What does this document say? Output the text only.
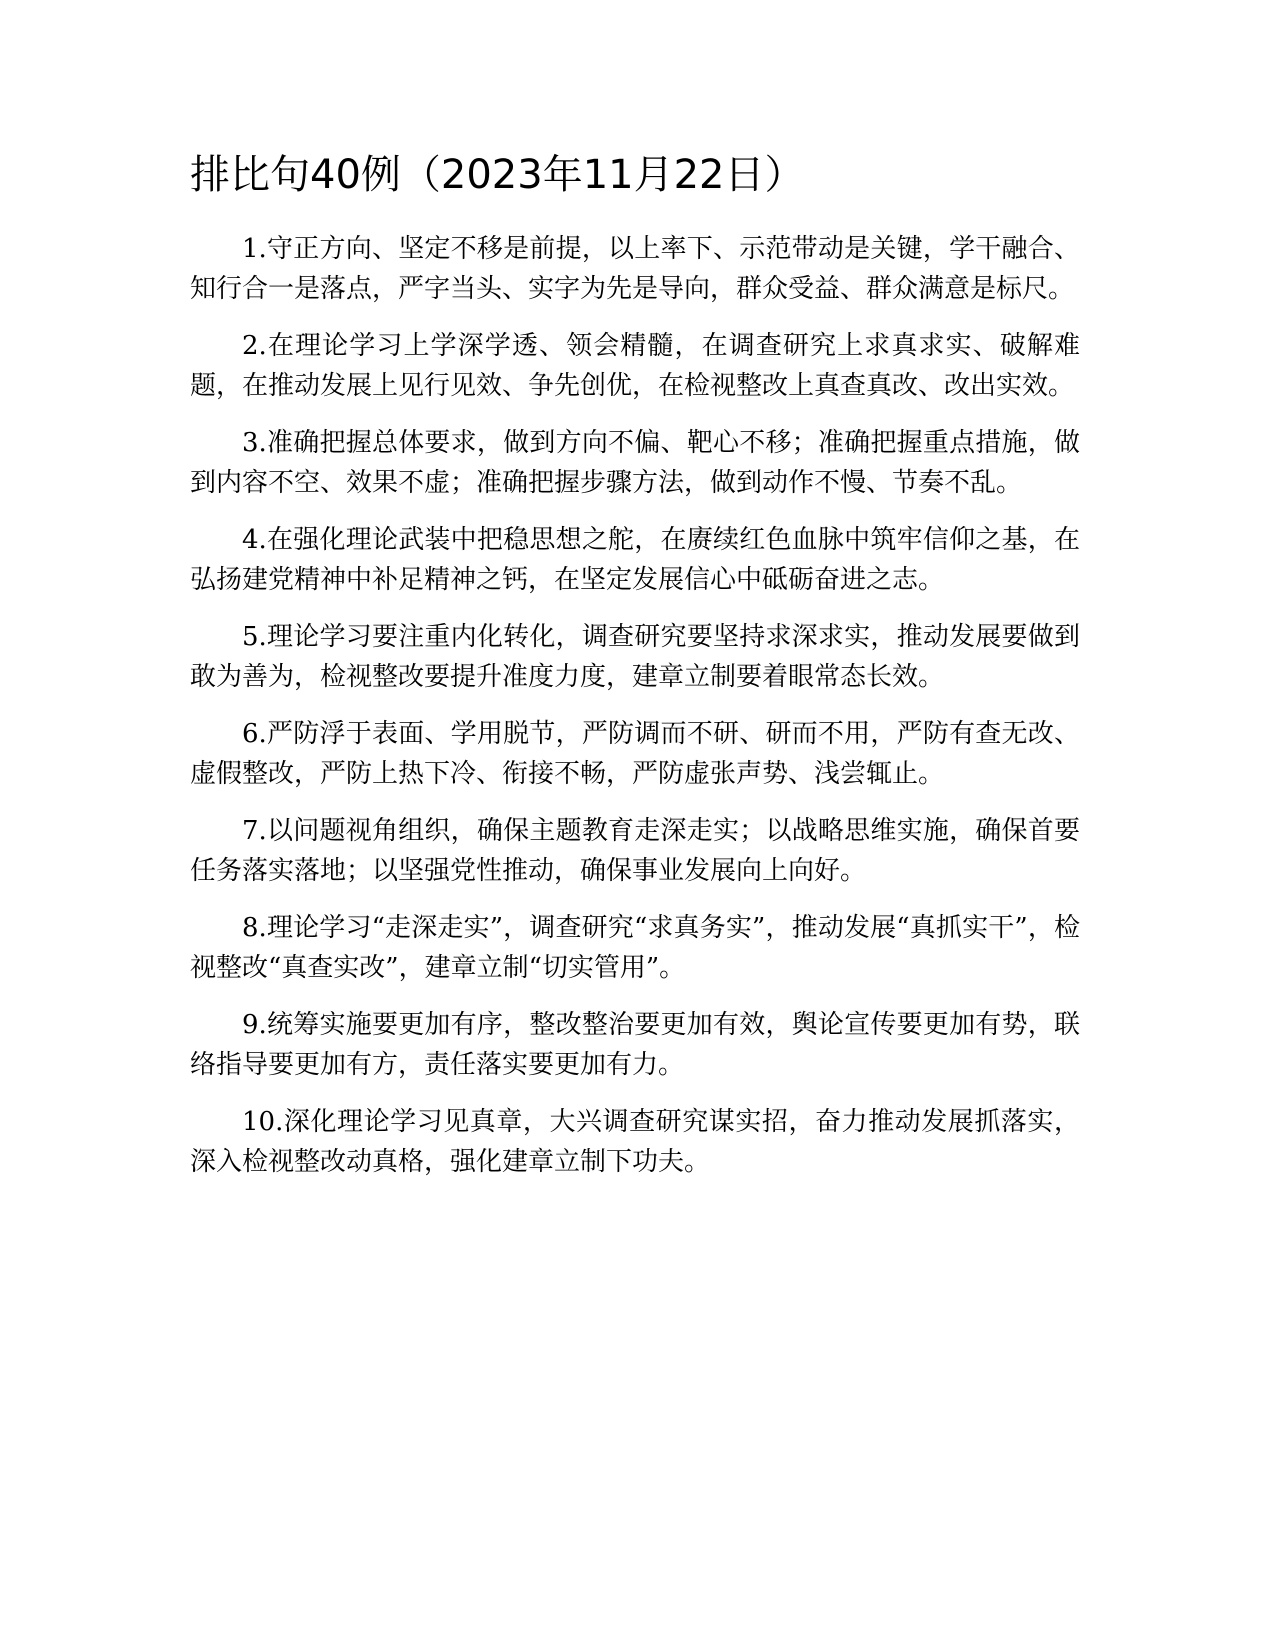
排比句40例（2023年11月22日）

1.守正方向、坚定不移是前提，以上率下、示范带动是关键，学干融合、知行合一是落点，严字当头、实字为先是导向，群众受益、群众满意是标尺。

2.在理论学习上学深学透、领会精髓，在调查研究上求真求实、破解难题，在推动发展上见行见效、争先创优，在检视整改上真查真改、改出实效。

3.准确把握总体要求，做到方向不偏、靶心不移；准确把握重点措施，做到内容不空、效果不虚；准确把握步骤方法，做到动作不慢、节奏不乱。

4.在强化理论武装中把稳思想之舵，在赓续红色血脉中筑牢信仰之基，在弘扬建党精神中补足精神之钙，在坚定发展信心中砥砺奋进之志。

5.理论学习要注重内化转化，调查研究要坚持求深求实，推动发展要做到敢为善为，检视整改要提升准度力度，建章立制要着眼常态长效。

6.严防浮于表面、学用脱节，严防调而不研、研而不用，严防有查无改、虚假整改，严防上热下冷、衔接不畅，严防虚张声势、浅尝辄止。

7.以问题视角组织，确保主题教育走深走实；以战略思维实施，确保首要任务落实落地；以坚强党性推动，确保事业发展向上向好。

8.理论学习“走深走实”，调查研究“求真务实”，推动发展“真抓实干”，检视整改“真查实改”，建章立制“切实管用”。

9.统筹实施要更加有序，整改整治要更加有效，舆论宣传要更加有势，联络指导要更加有方，责任落实要更加有力。

10.深化理论学习见真章，大兴调查研究谋实招，奋力推动发展抓落实，深入检视整改动真格，强化建章立制下功夫。
